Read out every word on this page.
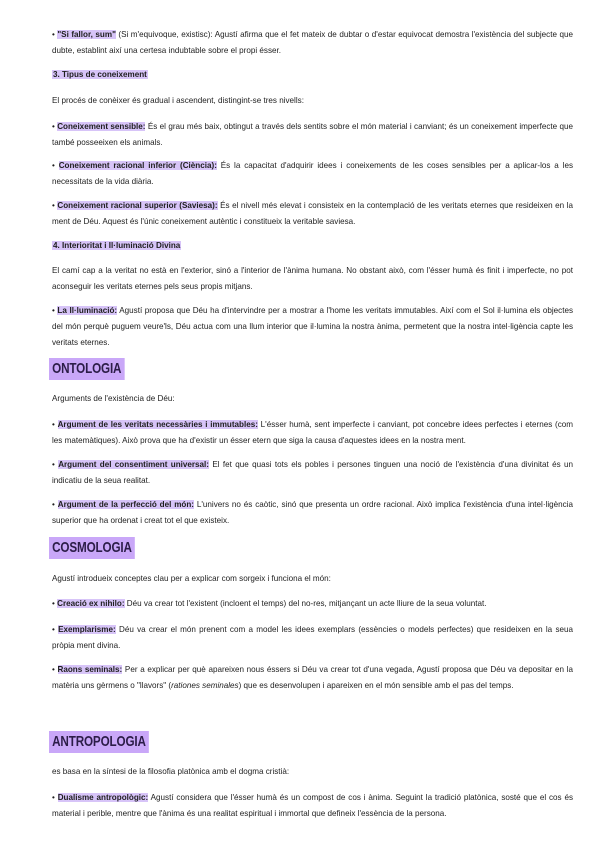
• "Si fallor, sum" (Si m'equivoque, existisc): Agustí afirma que el fet mateix de dubtar o d'estar equivocat demostra l'existència del subjecte que dubte, establint així una certesa indubtable sobre el propi ésser.

3. Tipus de coneixement

El procés de conèixer és gradual i ascendent, distingint-se tres nivells:

• Coneixement sensible: És el grau més baix, obtingut a través dels sentits sobre el món material i canviant; és un coneixement imperfecte que també posseeixen els animals.

• Coneixement racional inferior (Ciència): És la capacitat d'adquirir idees i coneixements de les coses sensibles per a aplicar-los a les necessitats de la vida diària.

• Coneixement racional superior (Saviesa): És el nivell més elevat i consisteix en la contemplació de les veritats eternes que resideixen en la ment de Déu. Aquest és l'únic coneixement autèntic i constitueix la veritable saviesa.

4. Interioritat i Il·luminació Divina

El camí cap a la veritat no està en l'exterior, sinó a l'interior de l'ànima humana. No obstant això, com l'ésser humà és finit i imperfecte, no pot aconseguir les veritats eternes pels seus propis mitjans.

• La Il·luminació: Agustí proposa que Déu ha d'intervindre per a mostrar a l'home les veritats immutables. Així com el Sol il·lumina els objectes del món perquè puguem veure'ls, Déu actua com una llum interior que il·lumina la nostra ànima, permetent que la nostra intel·ligència capte les veritats eternes.

ONTOLOGIA

Arguments de l'existència de Déu:

• Argument de les veritats necessàries i immutables: L'ésser humà, sent imperfecte i canviant, pot concebre idees perfectes i eternes (com les matemàtiques). Això prova que ha d'existir un ésser etern que siga la causa d'aquestes idees en la nostra ment.

• Argument del consentiment universal: El fet que quasi tots els pobles i persones tinguen una noció de l'existència d'una divinitat és un indicatiu de la seua realitat.

• Argument de la perfecció del món: L'univers no és caòtic, sinó que presenta un ordre racional. Això implica l'existència d'una intel·ligència superior que ha ordenat i creat tot el que existeix.

COSMOLOGIA

Agustí introdueix conceptes clau per a explicar com sorgeix i funciona el món:

• Creació ex nihilo: Déu va crear tot l'existent (incloent el temps) del no-res, mitjançant un acte lliure de la seua voluntat.

• Exemplarisme: Déu va crear el món prenent com a model les idees exemplars (essències o models perfectes) que resideixen en la seua pròpia ment divina.

• Raons seminals: Per a explicar per què apareixen nous éssers si Déu va crear tot d'una vegada, Agustí proposa que Déu va depositar en la matèria uns gèrmens o "llavors" (rationes seminales) que es desenvolupen i apareixen en el món sensible amb el pas del temps.

ANTROPOLOGIA

es basa en la síntesi de la filosofia platònica amb el dogma cristià:

• Dualisme antropològic: Agustí considera que l'ésser humà és un compost de cos i ànima. Seguint la tradició platònica, sosté que el cos és material i perible, mentre que l'ànima és una realitat espiritual i immortal que defineix l'essència de la persona.
